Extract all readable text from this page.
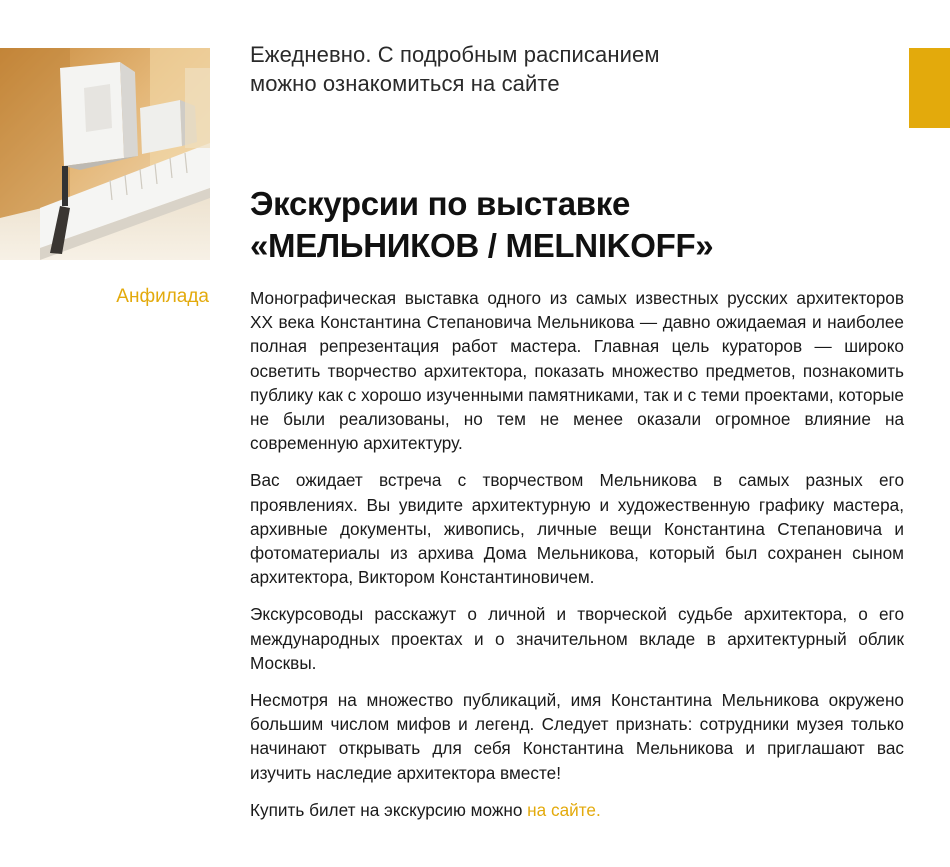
Ежедневно. С подробным расписанием
можно ознакомиться на сайте
Экскурсии по выставке
«МЕЛЬНИКОВ / MELNIKOFF»
Анфилада Монографическая выставка одного из самых известных русских архитекторов XX века Константина Степановича Мельникова — давно ожидаемая и наиболее полная репрезентация работ мастера. Главная цель кураторов — широко осветить творчество архитектора, показать множество предметов, познакомить публику как с хорошо изученными памятниками, так и с теми проектами, которые не были реализованы, но тем не менее оказали огромное влияние на современную архитектуру.

Вас ожидает встреча с творчеством Мельникова в самых разных его проявлениях. Вы увидите архитектурную и художественную графику мастера, архивные документы, живопись, личные вещи Константина Степановича и фотоматериалы из архива Дома Мельникова, который был сохранен сыном архитектора, Виктором Константиновичем.

Экскурсоводы расскажут о личной и творческой судьбе архитектора, о его международных проектах и о значительном вкладе в архитектурный облик Москвы.

Несмотря на множество публикаций, имя Константина Мельникова окружено большим числом мифов и легенд. Следует признать: сотрудники музея только начинают открывать для себя Константина Мельникова и приглашают вас изучить наследие архитектора вместе!

Купить билет на экскурсию можно на сайте.
